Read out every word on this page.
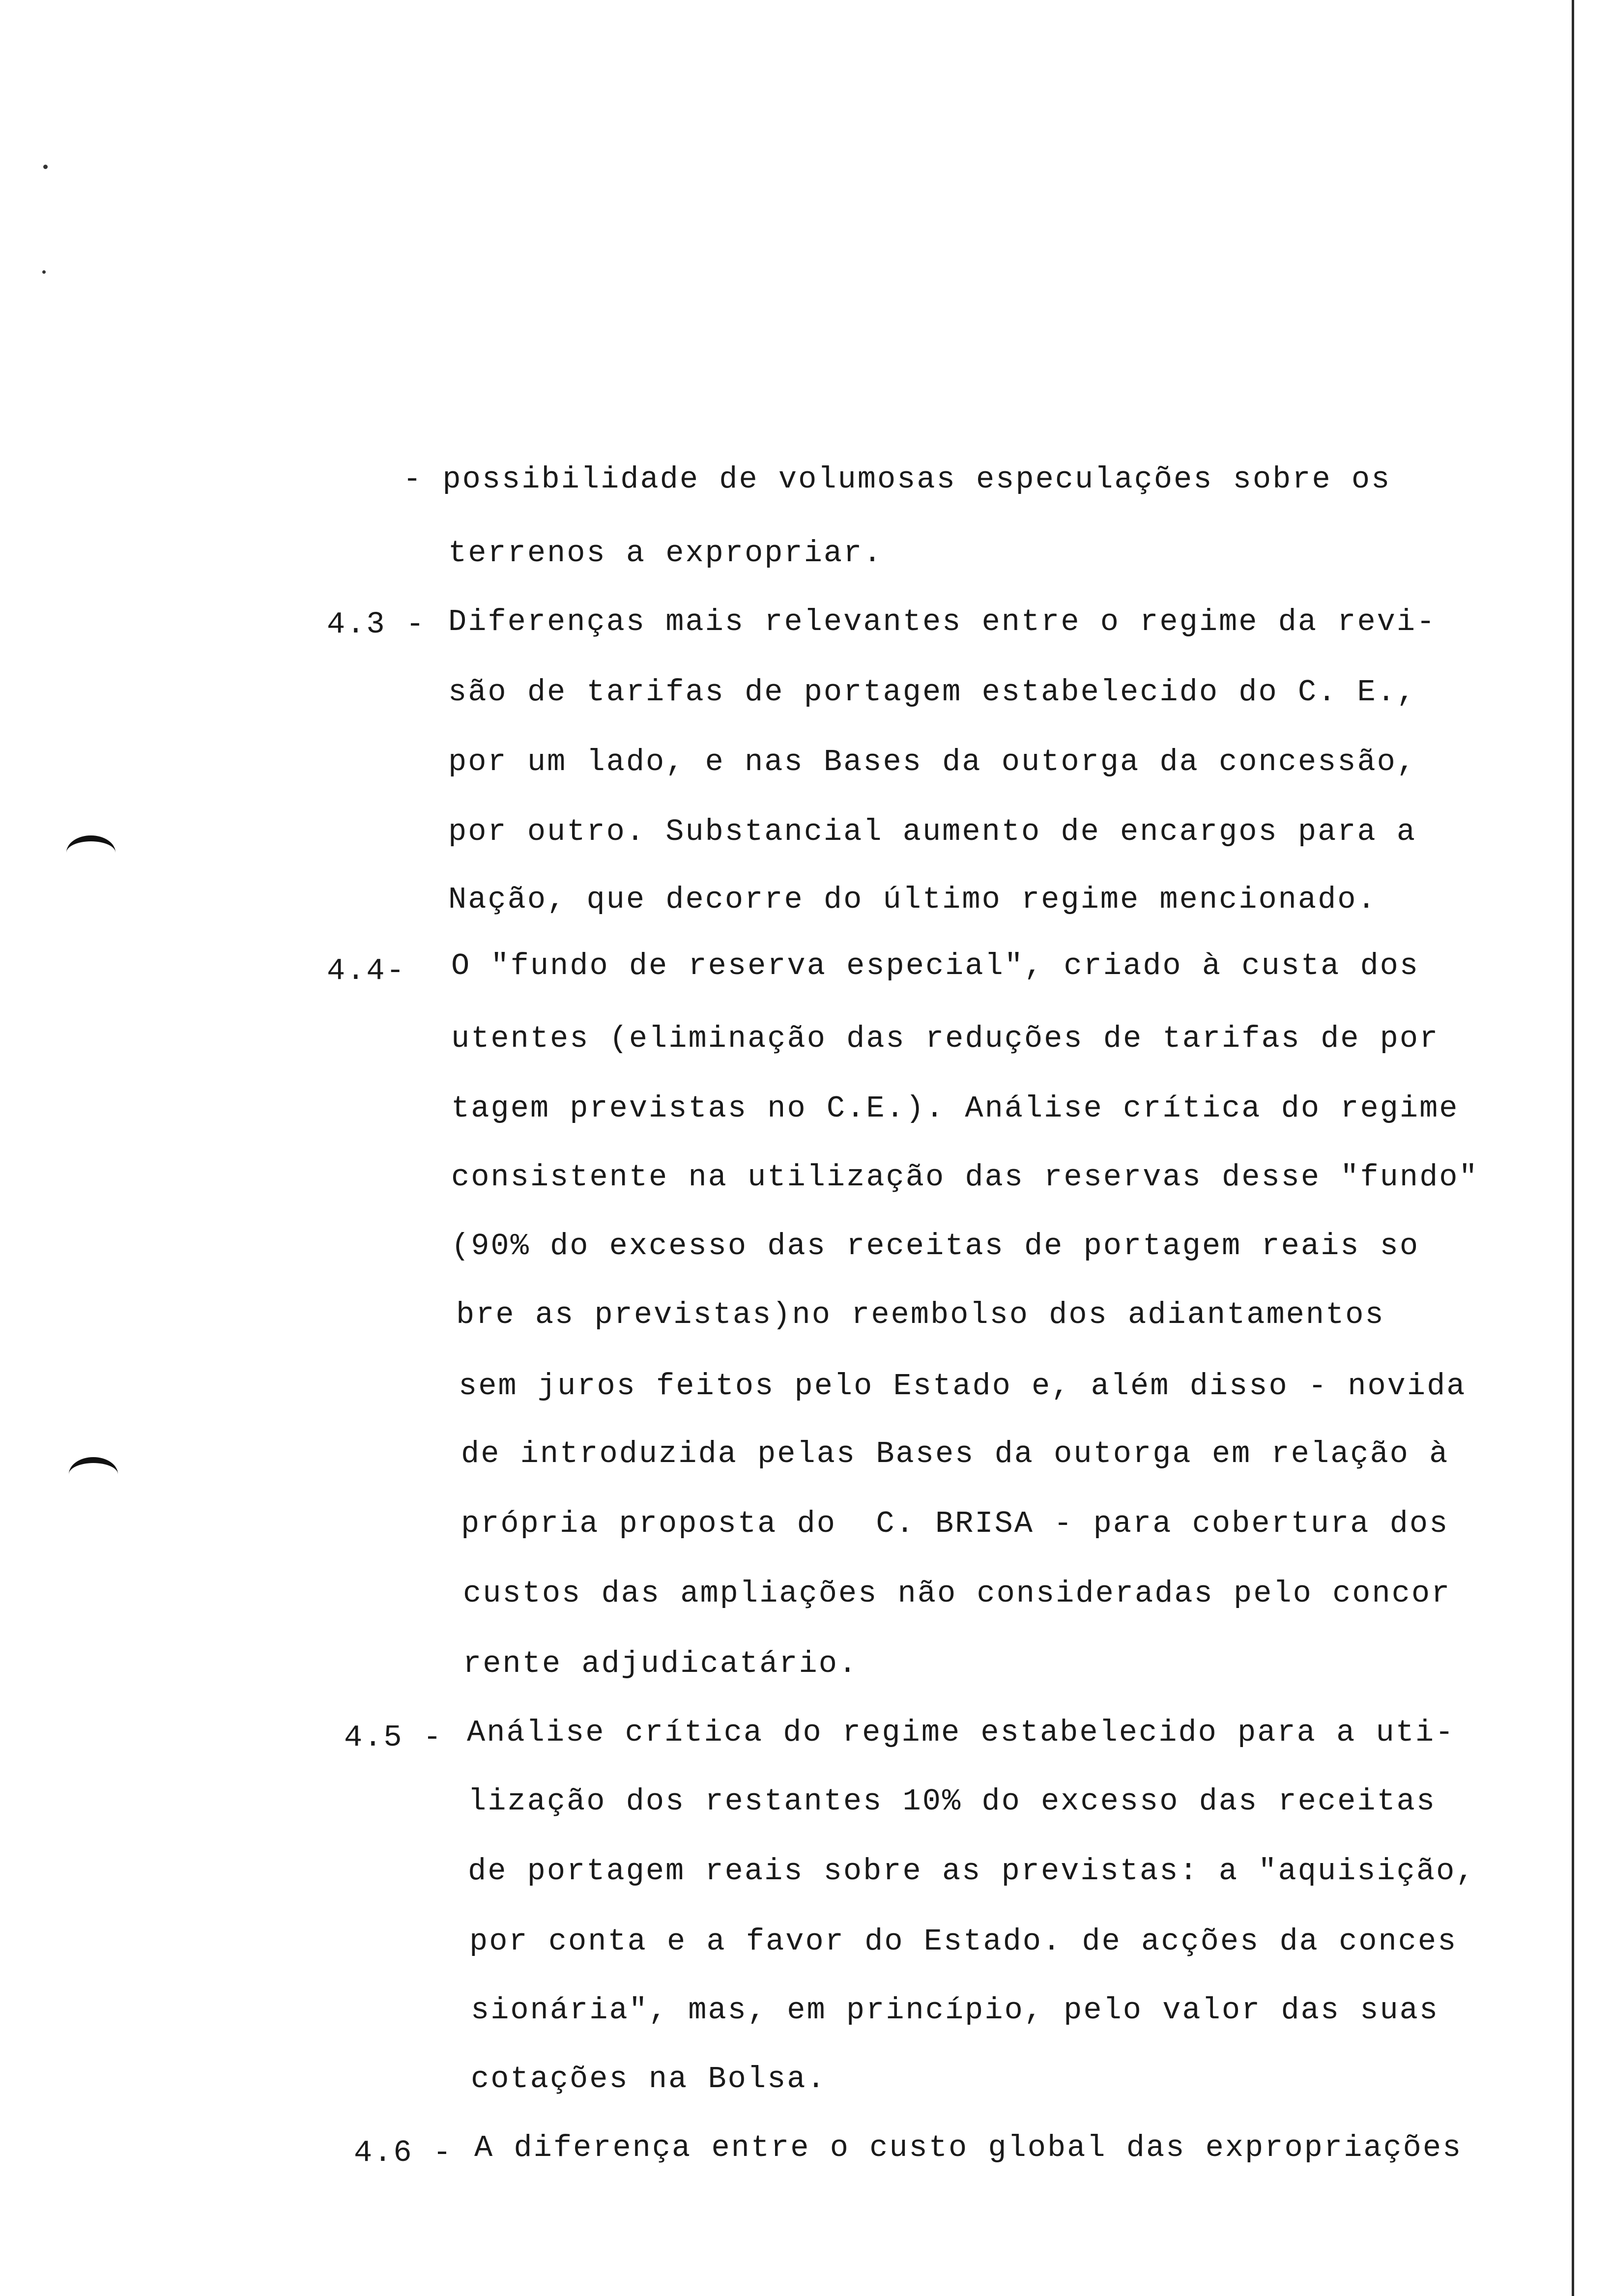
- possibilidade de volumosas especulações sobre os
terrenos a expropriar.
4.3 - Diferenças mais relevantes entre o regime da revi-
são de tarifas de portagem estabelecido do C. E.,
por um lado, e nas Bases da outorga da concessão,
por outro. Substancial aumento de encargos para a
Nação, que decorre do último regime mencionado.
4.4- O "fundo de reserva especial", criado à custa dos
utentes (eliminação das reduções de tarifas de por
tagem previstas no C.E.). Análise crítica do regime
consistente na utilização das reservas desse "fundo"
(90% do excesso das receitas de portagem reais so
bre as previstas)no reembolso dos adiantamentos
sem juros feitos pelo Estado e, além disso - novida
de introduzida pelas Bases da outorga em relação à
própria proposta do  C. BRISA - para cobertura dos
custos das ampliações não consideradas pelo concor
rente adjudicatário.
4.5 - Análise crítica do regime estabelecido para a uti-
lização dos restantes 10% do excesso das receitas
de portagem reais sobre as previstas: a "aquisição,
por conta e a favor do Estado. de acções da conces
sionária", mas, em princípio, pelo valor das suas
cotações na Bolsa.
4.6 - A diferença entre o custo global das expropriações
